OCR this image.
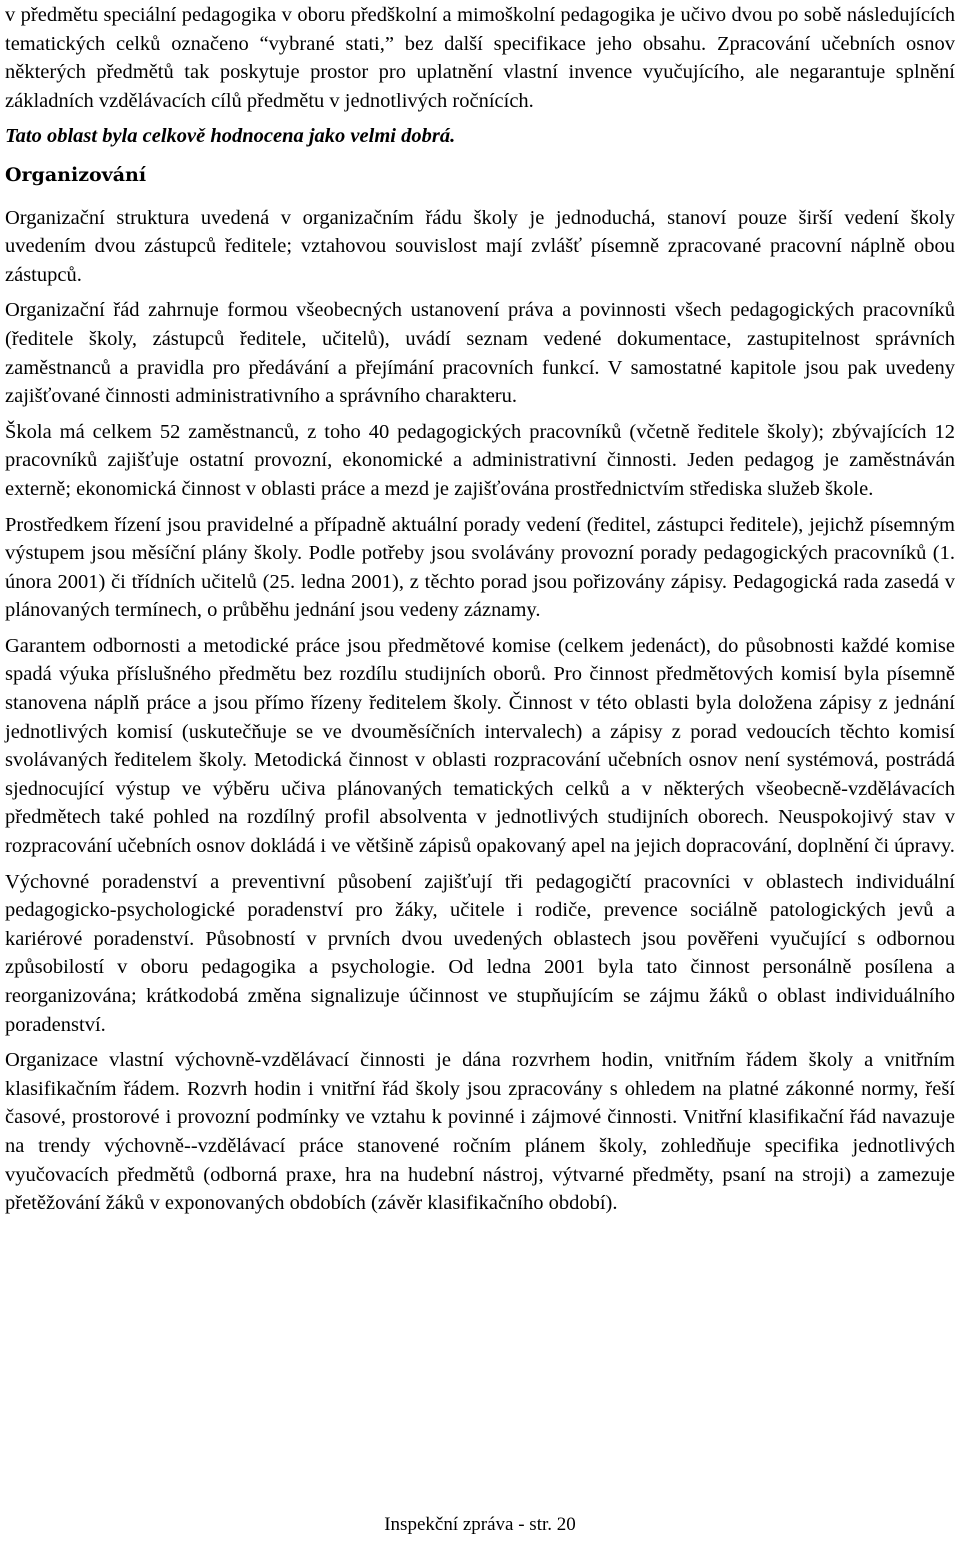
v předmětu speciální pedagogika v oboru předškolní a mimoškolní pedagogika je učivo dvou po sobě následujících tematických celků označeno “vybrané stati,” bez další specifikace jeho obsahu. Zpracování učebních osnov některých předmětů tak poskytuje prostor pro uplatnění vlastní invence vyučujícího, ale negarantuje splnění základních vzdělávacích cílů předmětu v jednotlivých ročnících.

Tato oblast byla celkově hodnocena jako velmi dobrá.

Organizování

Organizační struktura uvedená v organizačním řádu školy je jednoduchá, stanoví pouze širší vedení školy uvedením dvou zástupců ředitele; vztahovou souvislost mají zvlášť písemně zpracované pracovní náplně obou zástupců.

Organizační řád zahrnuje formou všeobecných ustanovení práva a povinnosti všech pedagogických pracovníků (ředitele školy, zástupců ředitele, učitelů), uvádí seznam vedené dokumentace, zastupitelnost správních zaměstnanců a pravidla pro předávání a přejímání pracovních funkcí. V samostatné kapitole jsou pak uvedeny zajišťované činnosti administrativního a správního charakteru.

Škola má celkem 52 zaměstnanců, z toho 40 pedagogických pracovníků (včetně ředitele školy); zbývajících 12 pracovníků zajišťuje ostatní provozní, ekonomické a administrativní činnosti. Jeden pedagog je zaměstnáván externě; ekonomická činnost v oblasti práce a mezd je zajišťována prostřednictvím střediska služeb škole.

Prostředkem řízení jsou pravidelné a případně aktuální porady vedení (ředitel, zástupci ředitele), jejichž písemným výstupem jsou měsíční plány školy. Podle potřeby jsou svolávány provozní porady pedagogických pracovníků (1. února 2001) či třídních učitelů (25. ledna 2001), z těchto porad jsou pořizovány zápisy. Pedagogická rada zasedá v plánovaných termínech, o průběhu jednání jsou vedeny záznamy.

Garantem odbornosti a metodické práce jsou předmětové komise (celkem jedenáct), do působnosti každé komise spadá výuka příslušného předmětu bez rozdílu studijních oborů. Pro činnost předmětových komisí byla písemně stanovena náplň práce a jsou přímo řízeny ředitelem školy. Činnost v této oblasti byla doložena zápisy z jednání jednotlivých komisí (uskutečňuje se ve dvouměsíčních intervalech) a zápisy z porad vedoucích těchto komisí svolávaných ředitelem školy. Metodická činnost v oblasti rozpracování učebních osnov není systémová, postrádá sjednocující výstup ve výběru učiva plánovaných tematických celků a v některých všeobecně-vzdělávacích předmětech také pohled na rozdílný profil absolventa v jednotlivých studijních oborech. Neuspokojivý stav v rozpracování učebních osnov dokládá i ve většině zápisů opakovaný apel na jejich dopracování, doplnění či úpravy.

Výchovné poradenství a preventivní působení zajišťují tři pedagogičtí pracovníci v oblastech individuální pedagogicko-psychologické poradenství pro žáky, učitele i rodiče, prevence sociálně patologických jevů a kariérové poradenství. Působností v prvních dvou uvedených oblastech jsou pověřeni vyučující s odbornou způsobilostí v oboru pedagogika a psychologie. Od ledna 2001 byla tato činnost personálně posílena a reorganizována; krátkodobá změna signalizuje účinnost ve stupňujícím se zájmu žáků o oblast individuálního poradenství.

Organizace vlastní výchovně-vzdělávací činnosti je dána rozvrhem hodin, vnitřním řádem školy a vnitřním klasifikačním řádem. Rozvrh hodin i vnitřní řád školy jsou zpracovány s ohledem na platné zákonné normy, řeší časové, prostorové i provozní podmínky ve vztahu k povinné i zájmové činnosti. Vnitřní klasifikační řád navazuje na trendy výchovně--vzdělávací práce stanovené ročním plánem školy, zohledňuje specifika jednotlivých vyučovacích předmětů (odborná praxe, hra na hudební nástroj, výtvarné předměty, psaní na stroji) a zamezuje přetěžování žáků v exponovaných obdobích (závěr klasifikačního období).

Inspekční zpráva - str. 20
